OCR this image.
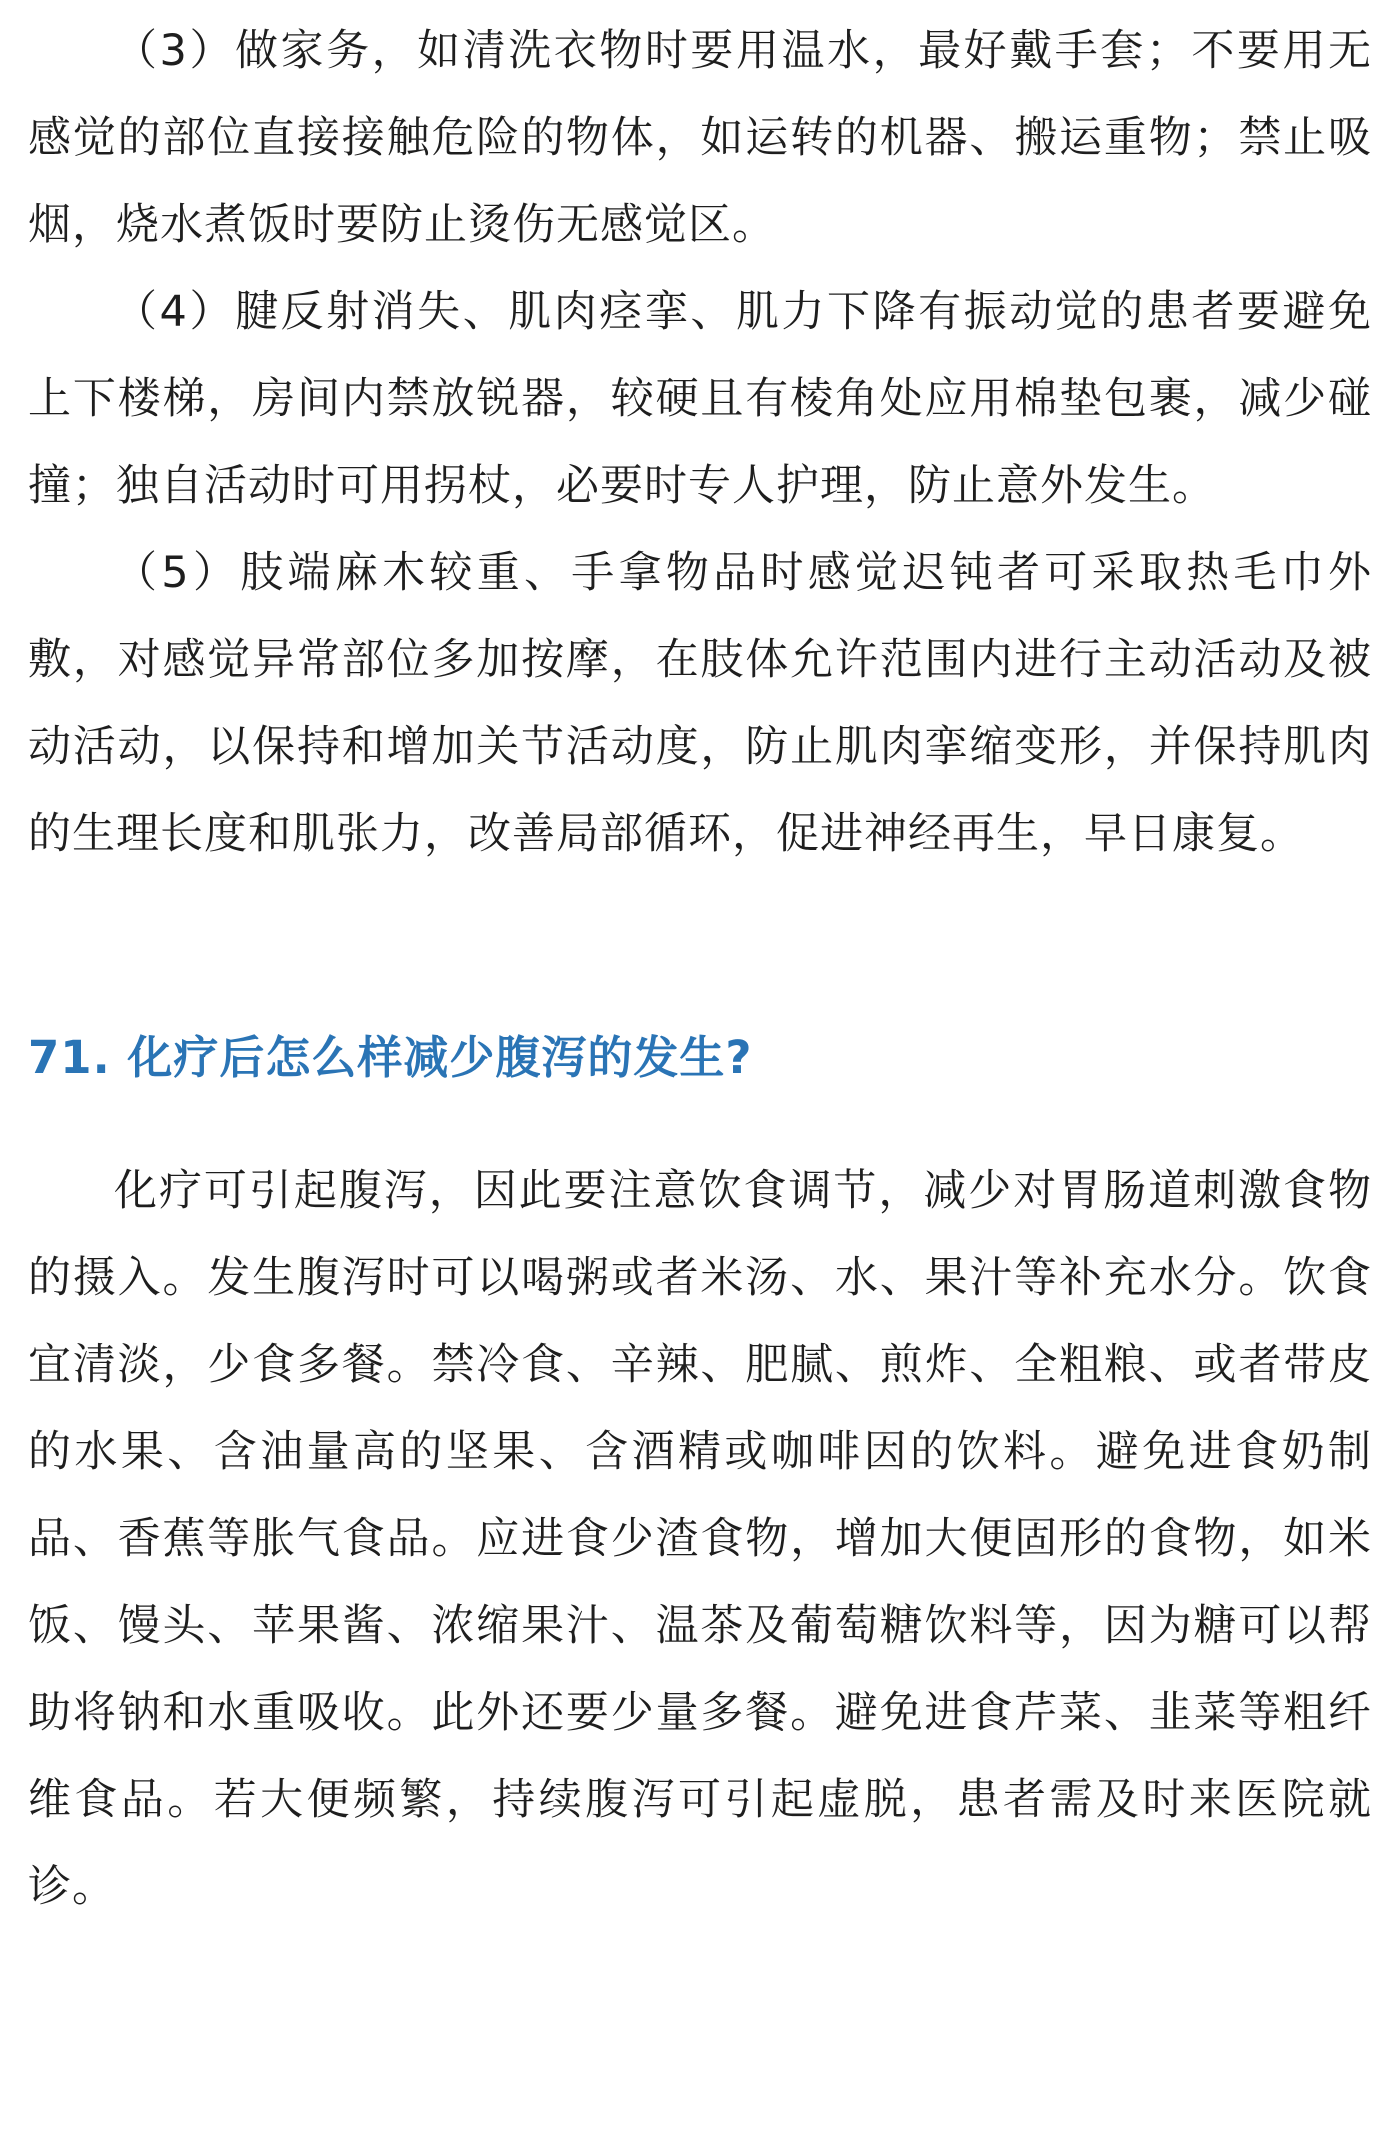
（3）做家务，如清洗衣物时要用温水，最好戴手套；不要用无感觉的部位直接接触危险的物体，如运转的机器、搬运重物；禁止吸烟，烧水煮饭时要防止烫伤无感觉区。

（4）腱反射消失、肌肉痉挛、肌力下降有振动觉的患者要避免上下楼梯，房间内禁放锐器，较硬且有棱角处应用棉垫包裹，减少碰撞；独自活动时可用拐杖，必要时专人护理，防止意外发生。

（5）肢端麻木较重、手拿物品时感觉迟钝者可采取热毛巾外敷，对感觉异常部位多加按摩，在肢体允许范围内进行主动活动及被动活动，以保持和增加关节活动度，防止肌肉挛缩变形，并保持肌肉的生理长度和肌张力，改善局部循环，促进神经再生，早日康复。

71. 化疗后怎么样减少腹泻的发生?

化疗可引起腹泻，因此要注意饮食调节，减少对胃肠道刺激食物的摄入。发生腹泻时可以喝粥或者米汤、水、果汁等补充水分。饮食宜清淡，少食多餐。禁冷食、辛辣、肥腻、煎炸、全粗粮、或者带皮的水果、含油量高的坚果、含酒精或咖啡因的饮料。避免进食奶制品、香蕉等胀气食品。应进食少渣食物，增加大便固形的食物，如米饭、馒头、苹果酱、浓缩果汁、温茶及葡萄糖饮料等，因为糖可以帮助将钠和水重吸收。此外还要少量多餐。避免进食芹菜、韭菜等粗纤维食品。若大便频繁，持续腹泻可引起虚脱，患者需及时来医院就诊。
